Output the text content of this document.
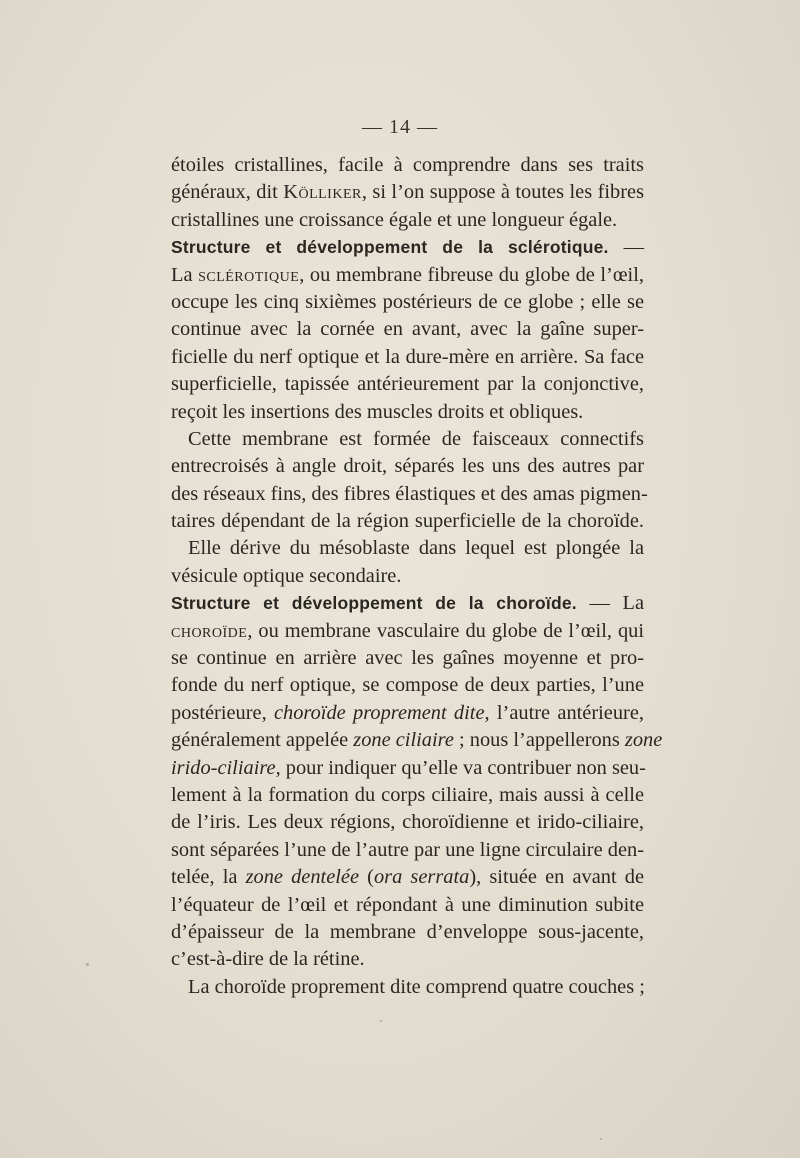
— 14 —
étoiles cristallines, facile à comprendre dans ses traits
généraux, dit Kölliker, si l’on suppose à toutes les fibres
cristallines une croissance égale et une longueur égale.
Structure et développement de la sclérotique. —
La sclérotique, ou membrane fibreuse du globe de l’œil,
occupe les cinq sixièmes postérieurs de ce globe ; elle se
continue avec la cornée en avant, avec la gaîne super-
ficielle du nerf optique et la dure-mère en arrière. Sa face
superficielle, tapissée antérieurement par la conjonctive,
reçoit les insertions des muscles droits et obliques.
Cette membrane est formée de faisceaux connectifs
entrecroisés à angle droit, séparés les uns des autres par
des réseaux fins, des fibres élastiques et des amas pigmen-
taires dépendant de la région superficielle de la choroïde.
Elle dérive du mésoblaste dans lequel est plongée la
vésicule optique secondaire.
Structure et développement de la choroïde. — La
choroïde, ou membrane vasculaire du globe de l’œil, qui
se continue en arrière avec les gaînes moyenne et pro-
fonde du nerf optique, se compose de deux parties, l’une
postérieure, choroïde proprement dite, l’autre antérieure,
généralement appelée zone ciliaire ; nous l’appellerons zone
irido-ciliaire, pour indiquer qu’elle va contribuer non seu-
lement à la formation du corps ciliaire, mais aussi à celle
de l’iris. Les deux régions, choroïdienne et irido-ciliaire,
sont séparées l’une de l’autre par une ligne circulaire den-
telée, la zone dentelée (ora serrata), située en avant de
l’équateur de l’œil et répondant à une diminution subite
d’épaisseur de la membrane d’enveloppe sous-jacente,
c’est-à-dire de la rétine.
La choroïde proprement dite comprend quatre couches ;
